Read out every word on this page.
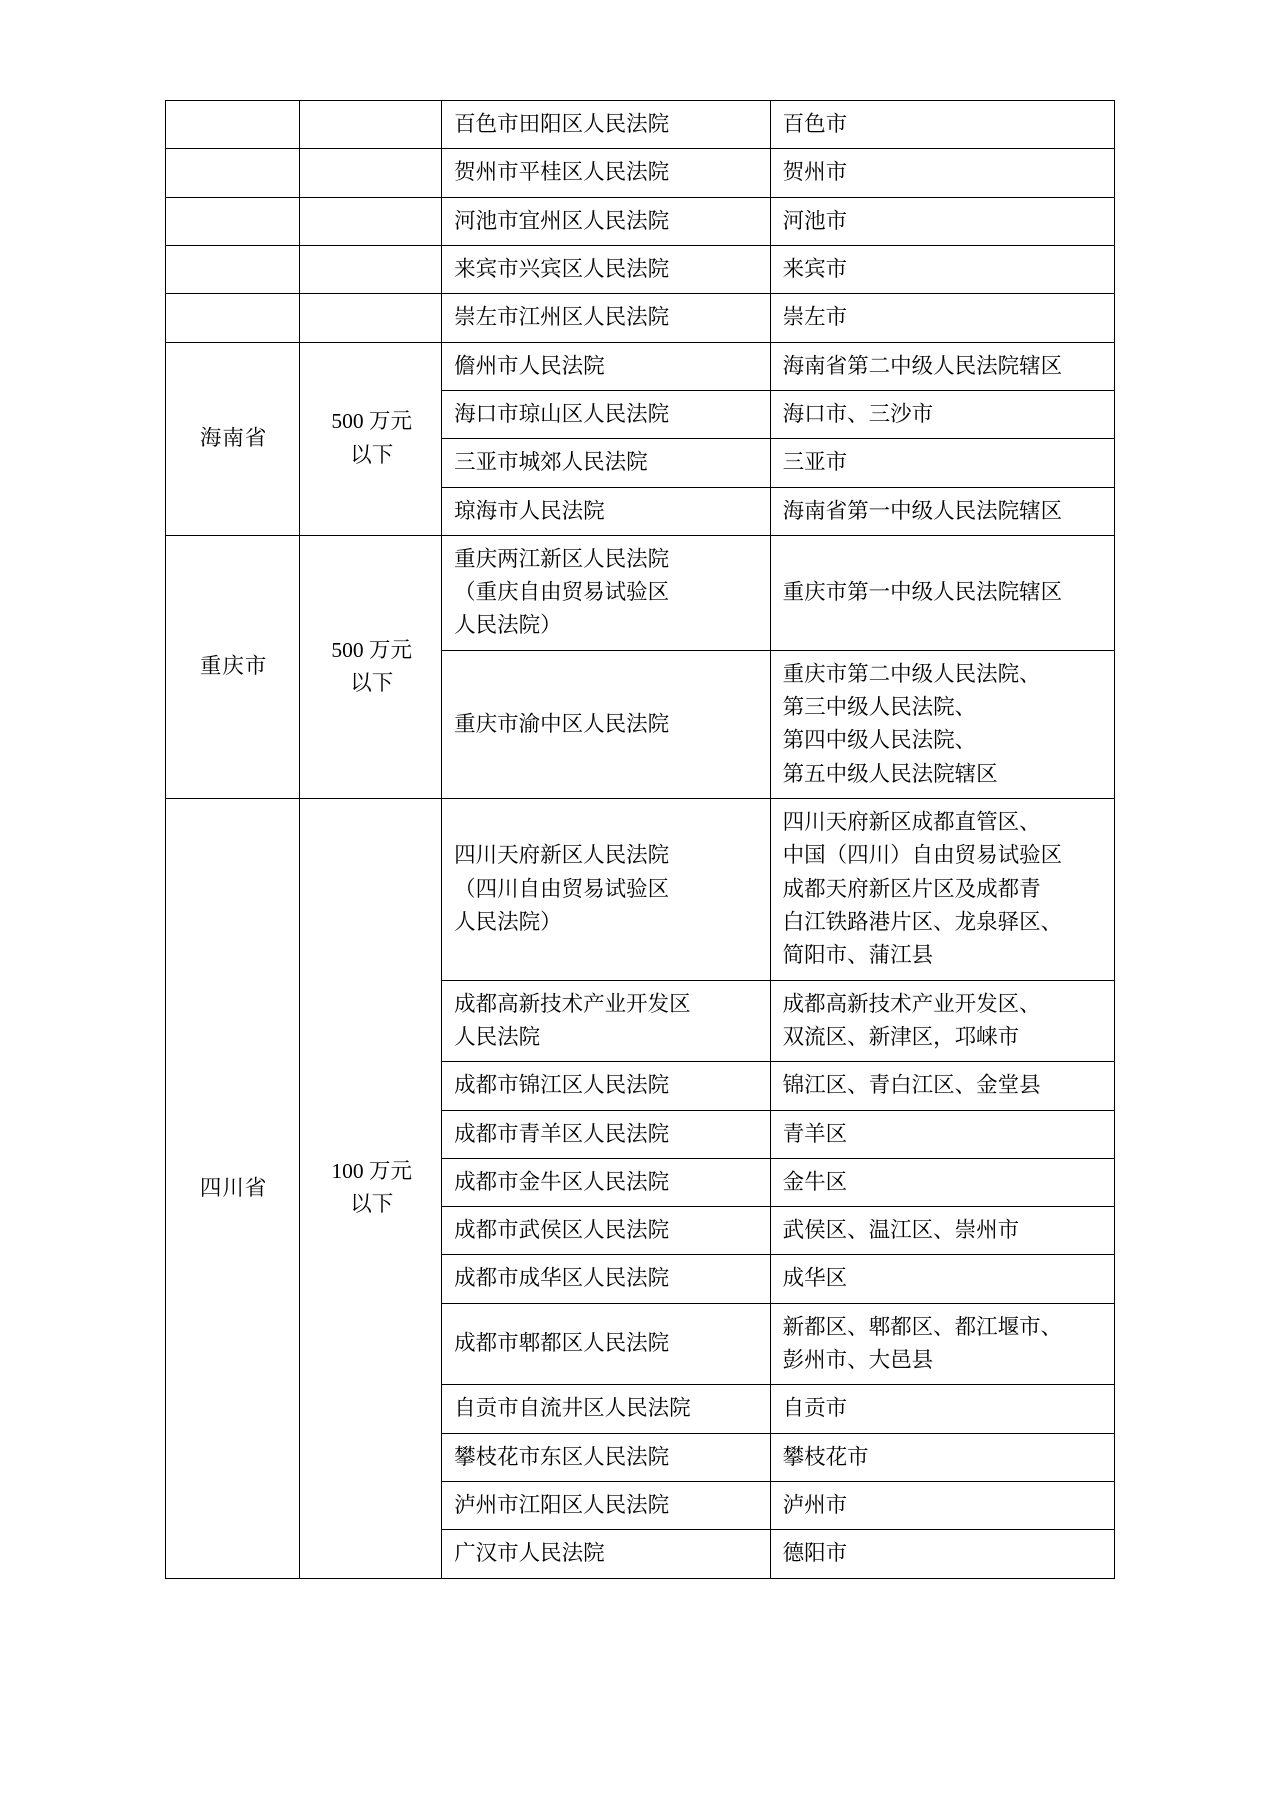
		百色市田阳区人民法院	百色市

		贺州市平桂区人民法院	贺州市

		河池市宜州区人民法院	河池市

		来宾市兴宾区人民法院	来宾市

		崇左市江州区人民法院	崇左市

海南省	500 万元
以下	儋州市人民法院	海南省第二中级人民法院辖区

		海口市琼山区人民法院	海口市、三沙市

		三亚市城郊人民法院	三亚市

		琼海市人民法院	海南省第一中级人民法院辖区

重庆市	500 万元
以下	重庆两江新区人民法院
（重庆自由贸易试验区
人民法院）	重庆市第一中级人民法院辖区

		重庆市渝中区人民法院	重庆市第二中级人民法院、
第三中级人民法院、
第四中级人民法院、
第五中级人民法院辖区

四川省	100 万元
以下	四川天府新区人民法院
（四川自由贸易试验区
人民法院）	四川天府新区成都直管区、
中国（四川）自由贸易试验区
成都天府新区片区及成都青
白江铁路港片区、龙泉驿区、
简阳市、蒲江县

		成都高新技术产业开发区
人民法院	成都高新技术产业开发区、
双流区、新津区，邛崃市

		成都市锦江区人民法院	锦江区、青白江区、金堂县

		成都市青羊区人民法院	青羊区

		成都市金牛区人民法院	金牛区

		成都市武侯区人民法院	武侯区、温江区、崇州市

		成都市成华区人民法院	成华区

		成都市郫都区人民法院	新都区、郫都区、都江堰市、
彭州市、大邑县

		自贡市自流井区人民法院	自贡市

		攀枝花市东区人民法院	攀枝花市

		泸州市江阳区人民法院	泸州市

		广汉市人民法院	德阳市
